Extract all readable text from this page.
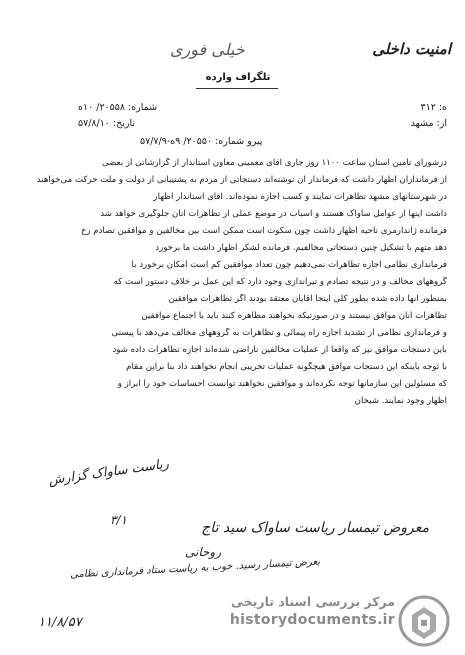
امنیت داخلی
خیلی فوری
تلگراف وارده
ه: ۳۱۲
از: مشهد
شماره: ۲۰۵۵۸/ ۱۰ه
تاریخ: ۵۷/۸/۱۰
پیرو شماره: ۲۰۵۵۰/ ۹ه-۵۷/۷/۹
درشورای تامین استان ساعت ۱۱۰۰ روز جاری آقای معمینی معاون استاندار از گزارشاتی از بعضی
از فرمانداران اظهار داشت که فرماندار ان نوشته‌اند دستجاتی از مردم به پشتیبانی از دولت و ملت حرکت می‌خواهند
در شهرستانهای مشهد تظاهرات نمایند و کسب اجازه نموده‌اند. آقای استاندار اظهار
داشت اینها از عوامل ساواک هستند و اسباب در موضع عملی از تظاهرات آنان جلوگیری خواهد شد
فرمانده ژاندارمری ناحیه اظهار داشت چون سکوت است ممکن است بین مخالفین و موافقین تصادم رخ
دهد متهم با تشکیل چنین دستجاتی مخالفیم. فرمانده لشکر اظهار داشت ما برخورد
فرمانداری نظامی اجازه تظاهرات نمی‌دهیم چون تعداد موافقین کم است امکان برخورد با
گروههای مخالف و در نتیجه تصادم و تیراندازی وجود دارد که این عمل بر خلاف دستور است که
بمنظور آنها داده شده بطور کلی اینجا آقایان معتقد بودند اگر تظاهرات موافقین
تظاهرات آنان موافق نیستند و در صورتیکه بخواهند مظاهره کنند باید با اجتماع موافقین
و فرمانداری نظامی از تشدید اجازه راه پیمائی و تظاهرات به گروههای مخالف می‌دهد با پیستی
باین دستجات موافق نیز که واقعاً از عملیات مخالفین ناراضی شده‌اند اجازه تظاهرات داده شود
با توجه باینکه این دستجات موافق هیچگونه عملیات تخریبی انجام نخواهند داد بنا براین مقام
که مسئولین این سازمانها توجه نکرده‌اند و موافقین نخواهند توانست احساسات خود را ابراز و
اظهار وجود نمایند. شیخان
معروض تیمسار ریاست ساواک سید تاج
ریاست ساواک گزارش
۳/۱
روحانی
بعرض تیمسار رسید. خوب به ریاست ستاد فرمانداری نظامی
۱۱/۸/۵۷
مرکز بررسی اسناد تاریخی
historydocuments.ir
